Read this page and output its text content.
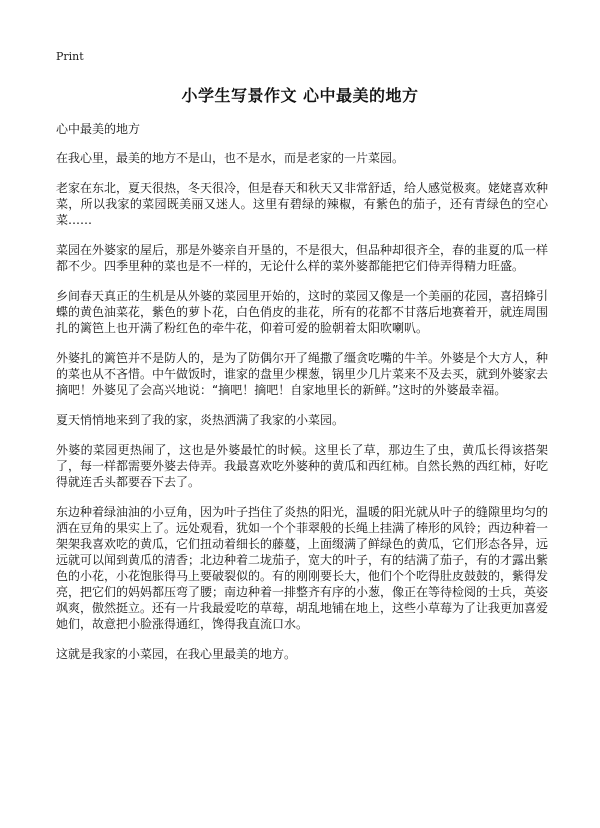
Print
小学生写景作文 心中最美的地方

心中最美的地方

在我心里，最美的地方不是山，也不是水，而是老家的一片菜园。

老家在东北，夏天很热，冬天很冷，但是春天和秋天又非常舒适，给人感觉极爽。姥姥喜欢种菜，所以我家的菜园既美丽又迷人。这里有碧绿的辣椒，有紫色的茄子，还有青绿色的空心菜……

菜园在外婆家的屋后，那是外婆亲自开垦的，不是很大，但品种却很齐全，春的韭夏的瓜一样都不少。四季里种的菜也是不一样的，无论什么样的菜外婆都能把它们侍弄得精力旺盛。

乡间春天真正的生机是从外婆的菜园里开始的，这时的菜园又像是一个美丽的花园，喜招蜂引蝶的黄色油菜花，紫色的萝卜花，白色俏皮的韭花，所有的花都不甘落后地赛着开，就连周围扎的篱笆上也开满了粉红色的牵牛花，仰着可爱的脸朝着太阳吹喇叭。

外婆扎的篱笆并不是防人的，是为了防偶尔开了绳撒了缰贪吃嘴的牛羊。外婆是个大方人，种的菜也从不吝惜。中午做饭时，谁家的盘里少棵葱，锅里少几片菜来不及去买，就到外婆家去摘吧！外婆见了会高兴地说：“摘吧！摘吧！自家地里长的新鲜。”这时的外婆最幸福。

夏天悄悄地来到了我的家，炎热洒满了我家的小菜园。

外婆的菜园更热闹了，这也是外婆最忙的时候。这里长了草，那边生了虫，黄瓜长得该搭架了，每一样都需要外婆去侍弄。我最喜欢吃外婆种的黄瓜和西红柿。自然长熟的西红柿，好吃得就连舌头都要吞下去了。

东边种着绿油油的小豆角，因为叶子挡住了炎热的阳光，温暖的阳光就从叶子的缝隙里均匀的洒在豆角的果实上了。远处观看，犹如一个个菲翠般的长绳上挂满了棒形的风铃；西边种着一架架我喜欢吃的黄瓜，它们扭动着细长的藤蔓，上面缀满了鲜绿色的黄瓜，它们形态各异，远远就可以闻到黄瓜的清香；北边种着二垅茄子，宽大的叶子，有的结满了茄子，有的才露出紫色的小花，小花饱胀得马上要破裂似的。有的刚刚要长大，他们个个吃得肚皮鼓鼓的，紫得发亮，把它们的妈妈都压弯了腰；南边种着一排整齐有序的小葱，像正在等待检阅的士兵，英姿飒爽，傲然挺立。还有一片我最爱吃的草莓，胡乱地铺在地上，这些小草莓为了让我更加喜爱她们，故意把小脸涨得通红，馋得我直流口水。

这就是我家的小菜园，在我心里最美的地方。
